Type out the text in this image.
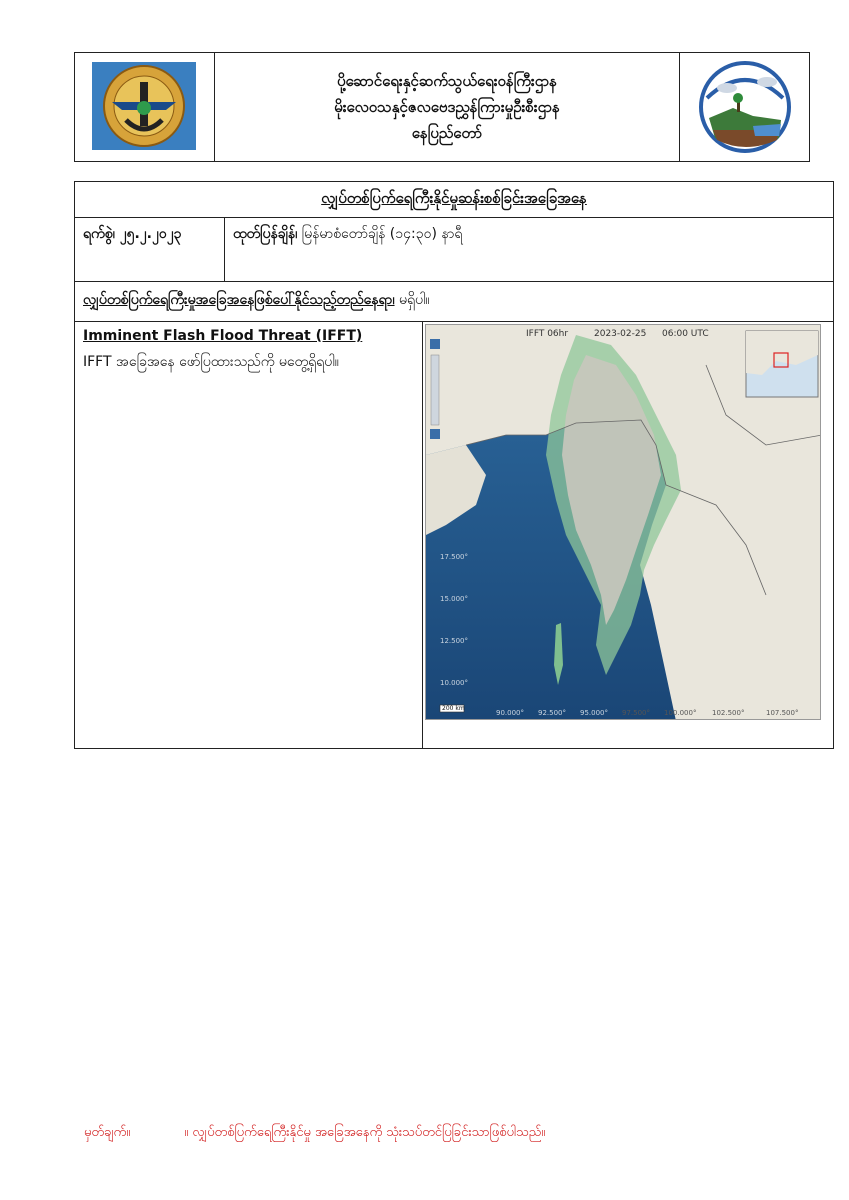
ပို့ဆောင်ရေးနှင့်ဆက်သွယ်ရေးဝန်ကြီးဌာန
မိုးလေဝသနှင့်ဇလဗေဒညွှန်ကြားမှုဦးစီးဌာန
နေပြည်တော်
လျှပ်တစ်ပြက်ရေကြီးနိုင်မှုဆန်းစစ်ခြင်းအခြေအနေ
ရက်စွဲ၊ ၂၅.၂.၂၀၂၃	ထုတ်ပြန်ချိန်၊ မြန်မာစံတော်ချိန် (၁၄:၃၀) နာရီ
လျှပ်တစ်ပြက်ရေကြီးမှုအခြေအနေဖြစ်ပေါ်နိုင်သည့်တည်နေရာ၊ မရှိပါ။
Imminent Flash Flood Threat (IFFT)
IFFT အခြေအနေ ဖော်ပြထားသည်ကို မတွေ့ရှိရပါ။
IFFT 06hr	2023-02-25 06:00 UTC
17.500°
15.000°
12.500°
10.000°
90.000° 92.500° 95.000° 97.500° 100.000° 102.500°	107.500°
200 km
မှတ်ချက်။	။ လျှပ်တစ်ပြက်ရေကြီးနိုင်မှု အခြေအနေကို သုံးသပ်တင်ပြခြင်းသာဖြစ်ပါသည်။
